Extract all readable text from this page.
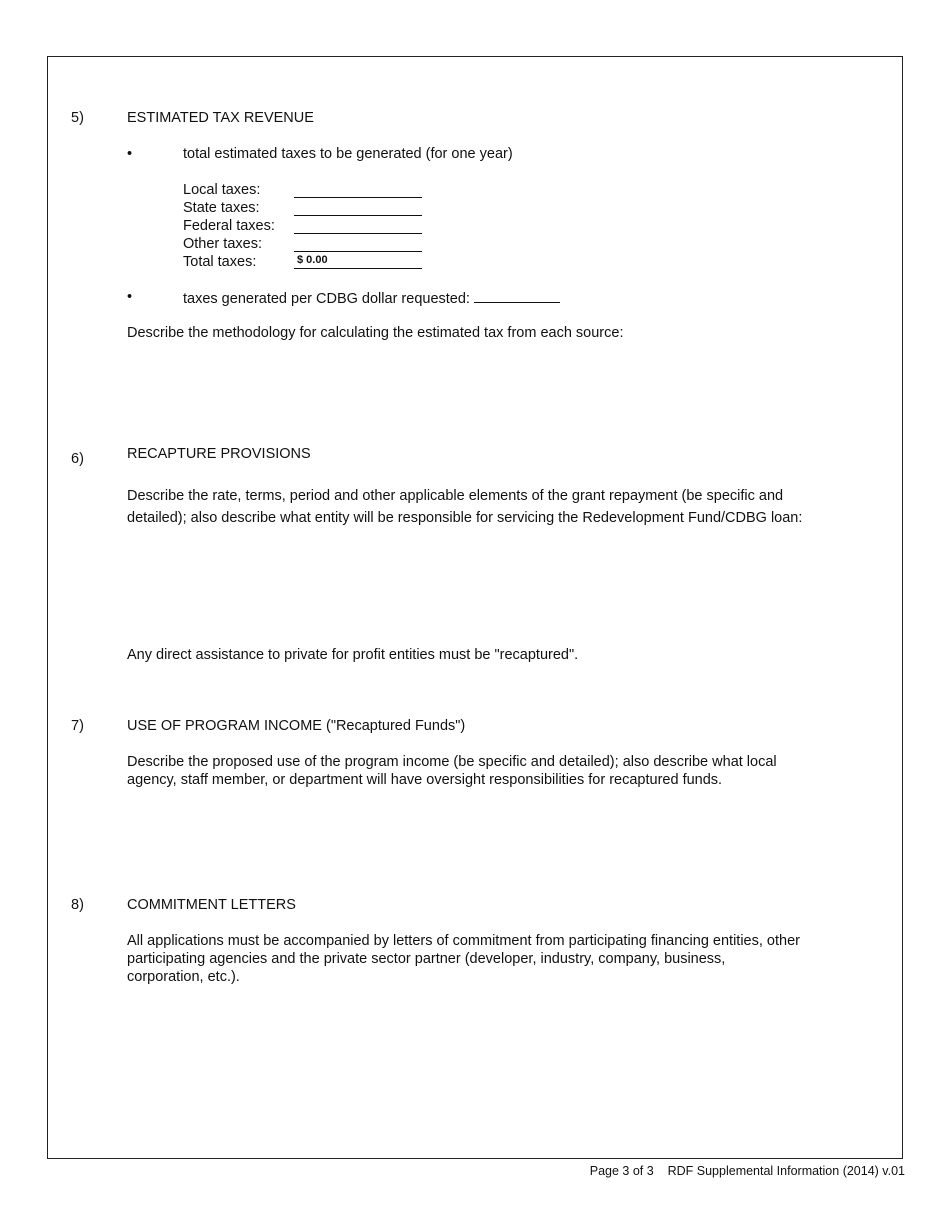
5)	ESTIMATED TAX REVENUE
•	total estimated taxes to be generated (for one year)
Local taxes:
State taxes:
Federal taxes:
Other taxes:
Total taxes:	$ 0.00
•	taxes generated per CDBG dollar requested:
Describe the methodology for calculating the estimated tax from each source:
6)	RECAPTURE PROVISIONS
Describe the rate, terms, period and other applicable elements of the grant repayment (be specific and
detailed); also describe what entity will be responsible for servicing the Redevelopment Fund/CDBG loan:
Any direct assistance to private for profit entities must be "recaptured".
7)	USE OF PROGRAM INCOME ("Recaptured Funds")
Describe the proposed use of the program income (be specific and detailed); also describe what local
agency, staff member, or department will have oversight responsibilities for recaptured funds.
8)	COMMITMENT LETTERS
All applications must be accompanied by letters of commitment from participating financing entities, other
participating agencies and the private sector partner (developer, industry, company, business,
corporation, etc.).
Page 3 of 3 RDF Supplemental Information (2014) v.01
